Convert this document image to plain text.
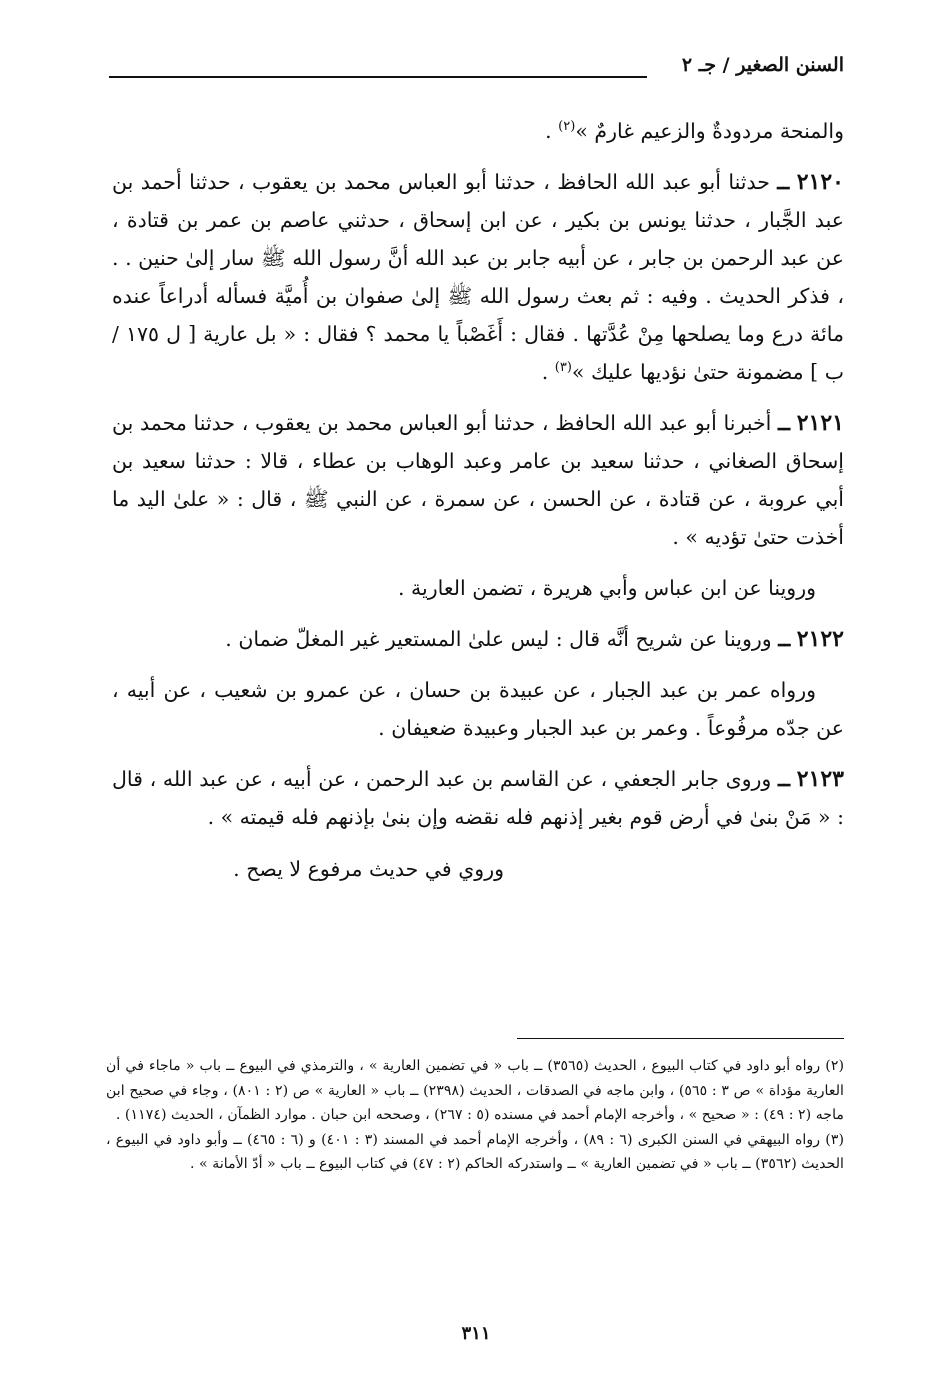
السنن الصغير / جـ ٢

والمنحة مردودةٌ والزعيم غارمٌ »$^{(٢)}$ .

٢١٢٠ ــ حدثنا أبو عبد الله الحافظ ، حدثنا أبو العباس محمد بن يعقوب ، حدثنا أحمد بن عبد الجَّبار ، حدثنا يونس بن بكير ، عن ابن إسحاق ، حدثني عاصم بن عمر بن قتادة ، عن عبد الرحمن بن جابر ، عن أبيه جابر بن عبد الله أنَّ رسول الله ﷺ سار إلىٰ حنين . . ، فذكر الحديث . وفيه : ثم بعث رسول الله ﷺ إلىٰ صفوان بن أُميَّة فسأله أدراعاً عنده مائة درع وما يصلحها مِنْ عُدَّتها . فقال : أَغَصْباً يا محمد ؟ فقال : « بل عارية [ ل ١٧٥ / ب ] مضمونة حتىٰ نؤديها عليك »$^{(٣)}$ .

٢١٢١ ــ أخبرنا أبو عبد الله الحافظ ، حدثنا أبو العباس محمد بن يعقوب ، حدثنا محمد بن إسحاق الصغاني ، حدثنا سعيد بن عامر وعبد الوهاب بن عطاء ، قالا : حدثنا سعيد بن أبي عروبة ، عن قتادة ، عن الحسن ، عن سمرة ، عن النبي ﷺ ، قال : « علىٰ اليد ما أخذت حتىٰ تؤديه » .

وروينا عن ابن عباس وأبي هريرة ، تضمن العارية .

٢١٢٢ ــ وروينا عن شريح أنَّه قال : ليس علىٰ المستعير غير المغلّ ضمان .

ورواه عمر بن عبد الجبار ، عن عبيدة بن حسان ، عن عمرو بن شعيب ، عن أبيه ، عن جدّه مرفُوعاً . وعمر بن عبد الجبار وعبيدة ضعيفان .

٢١٢٣ ــ وروى جابر الجعفي ، عن القاسم بن عبد الرحمن ، عن أبيه ، عن عبد الله ، قال : « مَنْ بنىٰ في أرض قوم بغير إذنهم فله نقضه وإن بنىٰ بإذنهم فله قيمته » .

وروي في حديث مرفوع لا يصح .

(٢) رواه أبو داود في كتاب البيوع ، الحديث (٣٥٦٥) ــ باب « في تضمين العارية » ، والترمذي في البيوع ــ باب « ماجاء في أن العارية مؤداة » ص ٣ : ٥٦٥) ، وابن ماجه في الصدقات ، الحديث (٢٣٩٨) ــ باب « العارية » ص (٢ : ٨٠١) ، وجاء في صحيح ابن ماجه (٢ : ٤٩) : « صحيح » ، وأخرجه الإمام أحمد في مسنده (٥ : ٢٦٧) ، وصححه ابن حبان . موارد الظمآن ، الحديث (١١٧٤) .

(٣) رواه البيهقي في السنن الكبرى (٦ : ٨٩) ، وأخرجه الإمام أحمد في المسند (٣ : ٤٠١) و (٦ : ٤٦٥) ــ وأبو داود في البيوع ، الحديث (٣٥٦٢) ــ باب « في تضمين العارية » ــ واستدركه الحاكم (٢ : ٤٧) في كتاب البيوع ــ باب « أدّ الأمانة » .

٣١١
